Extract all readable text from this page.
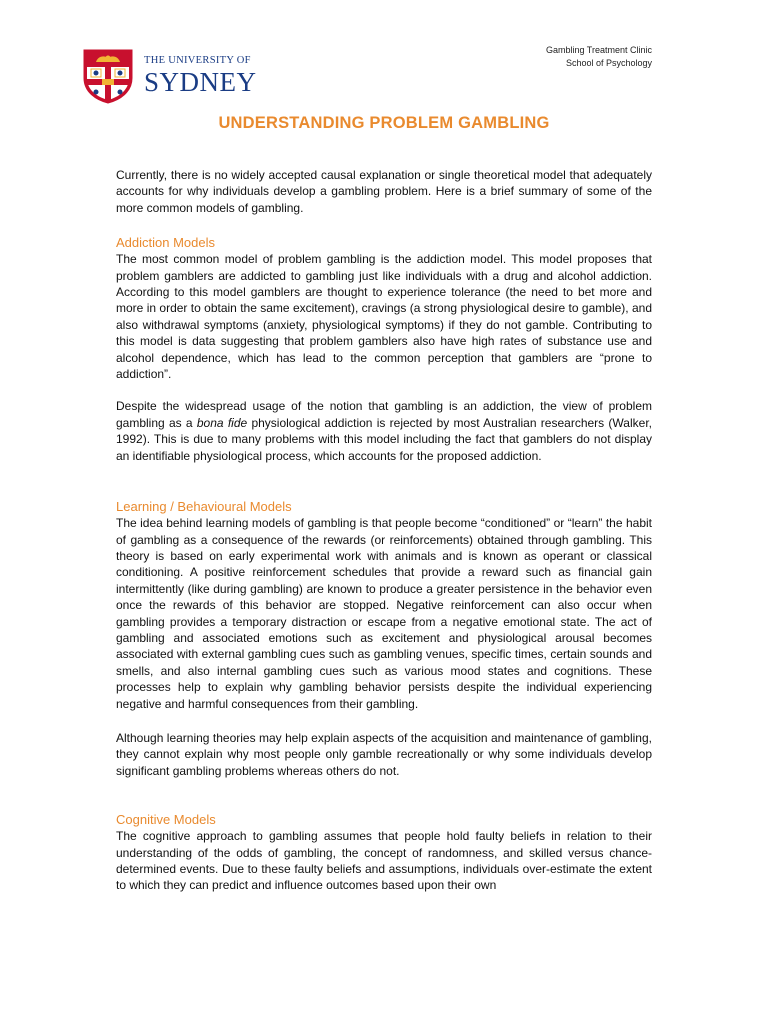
THE UNIVERSITY OF
SYDNEY
Gambling Treatment Clinic
School of Psychology
UNDERSTANDING PROBLEM GAMBLING

Currently, there is no widely accepted causal explanation or single theoretical model that adequately accounts for why individuals develop a gambling problem. Here is a brief summary of some of the more common models of gambling.

Addiction Models

The most common model of problem gambling is the addiction model. This model proposes that problem gamblers are addicted to gambling just like individuals with a drug and alcohol addiction. According to this model gamblers are thought to experience tolerance (the need to bet more and more in order to obtain the same excitement), cravings (a strong physiological desire to gamble), and also withdrawal symptoms (anxiety, physiological symptoms) if they do not gamble. Contributing to this model is data suggesting that problem gamblers also have high rates of substance use and alcohol dependence, which has lead to the common perception that gamblers are “prone to addiction”.

Despite the widespread usage of the notion that gambling is an addiction, the view of problem gambling as a bona fide physiological addiction is rejected by most Australian researchers (Walker, 1992). This is due to many problems with this model including the fact that gamblers do not display an identifiable physiological process, which accounts for the proposed addiction.

Learning / Behavioural Models

The idea behind learning models of gambling is that people become “conditioned” or “learn” the habit of gambling as a consequence of the rewards (or reinforcements) obtained through gambling. This theory is based on early experimental work with animals and is known as operant or classical conditioning. A positive reinforcement schedules that provide a reward such as financial gain intermittently (like during gambling) are known to produce a greater persistence in the behavior even once the rewards of this behavior are stopped. Negative reinforcement can also occur when gambling provides a temporary distraction or escape from a negative emotional state. The act of gambling and associated emotions such as excitement and physiological arousal becomes associated with external gambling cues such as gambling venues, specific times, certain sounds and smells, and also internal gambling cues such as various mood states and cognitions. These processes help to explain why gambling behavior persists despite the individual experiencing negative and harmful consequences from their gambling.

Although learning theories may help explain aspects of the acquisition and maintenance of gambling, they cannot explain why most people only gamble recreationally or why some individuals develop significant gambling problems whereas others do not.

Cognitive Models

The cognitive approach to gambling assumes that people hold faulty beliefs in relation to their understanding of the odds of gambling, the concept of randomness, and skilled versus chance-determined events. Due to these faulty beliefs and assumptions, individuals over-estimate the extent to which they can predict and influence outcomes based upon their own
